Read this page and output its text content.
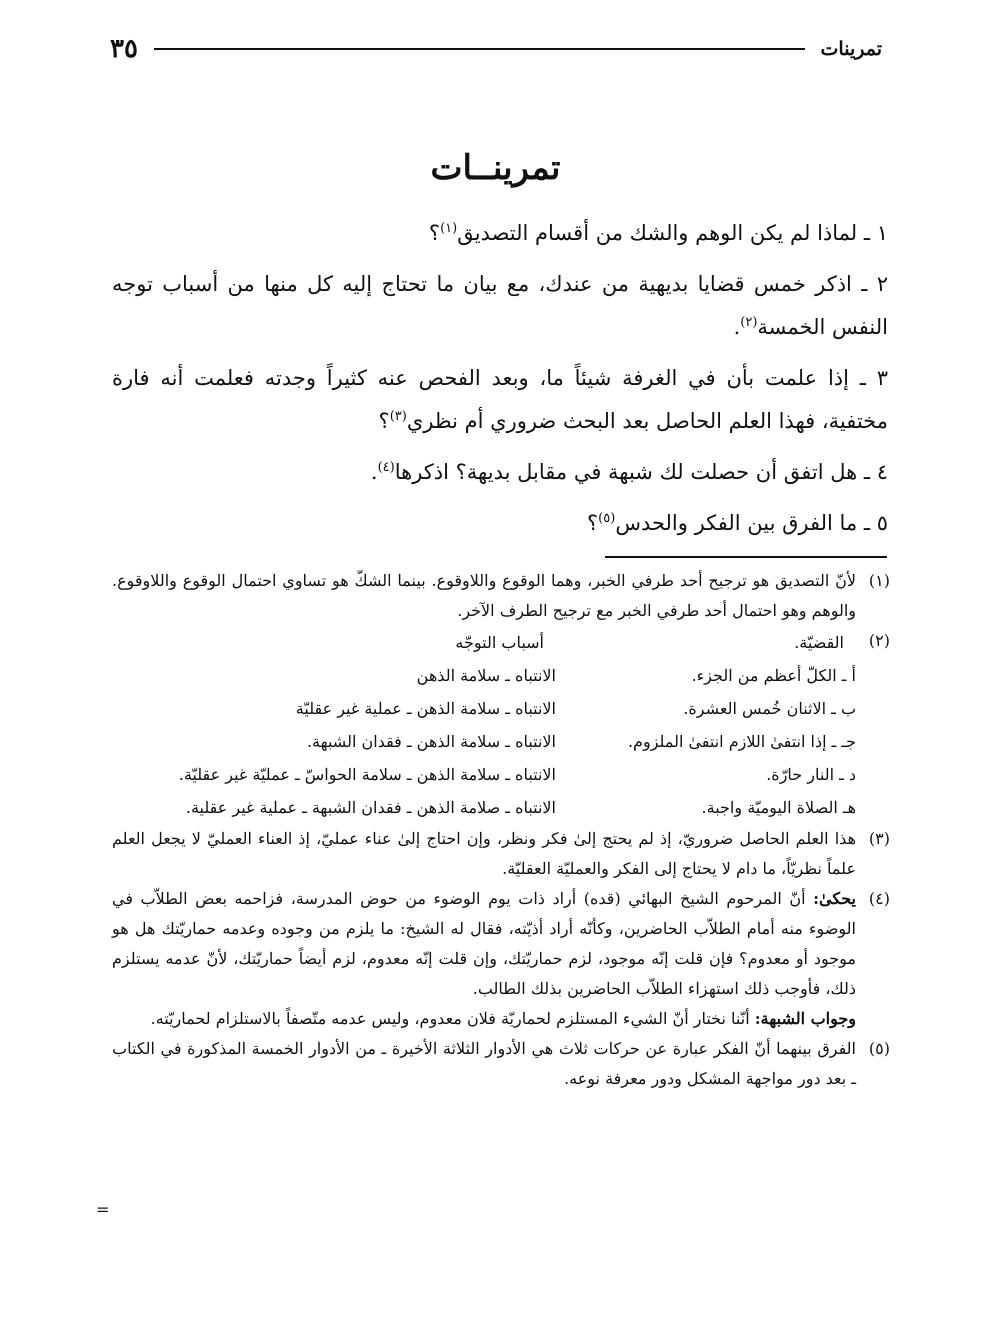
تمرينات
٣٥
تمرينــات
١ ـ لماذا لم يكن الوهم والشك من أقسام التصديق$^{(١)}$؟
٢ ـ اذكر خمس قضايا بديهية من عندك، مع بيان ما تحتاج إليه كل منها من أسباب توجه النفس الخمسة$^{(٢)}$.
٣ ـ إذا علمت بأن في الغرفة شيئاً ما، وبعد الفحص عنه كثيراً وجدته فعلمت أنه فارة مختفية، فهذا العلم الحاصل بعد البحث ضروري أم نظري$^{(٣)}$؟
٤ ـ هل اتفق أن حصلت لك شبهة في مقابل بديهة؟ اذكرها$^{(٤)}$.
٥ ـ ما الفرق بين الفكر والحدس$^{(٥)}$؟
(١)

لأنّ التصديق هو ترجيح أحد طرفي الخبر، وهما الوقوع واللاوقوع. بينما الشكّ هو تساوي احتمال الوقوع واللاوقوع. والوهم وهو احتمال أحد طرفي الخبر مع ترجيح الطرف الآخر.

(٢)
القضيّة.
أسباب التوجّه
أ ـ الكلّ أعظم من الجزء.
الانتباه ـ سلامة الذهن
ب ـ الاثنان خُمس العشرة.
الانتباه ـ سلامة الذهن ـ عملية غير عقليّة
جـ ـ إذا انتفىٰ اللازم انتفىٰ الملزوم.
الانتباه ـ سلامة الذهن ـ فقدان الشبهة.
د ـ النار حارّة.
الانتباه ـ سلامة الذهن ـ سلامة الحواسّ ـ عمليّة غير عقليّة.
هـ الصلاة اليوميّة واجبة.
الانتباه ـ صلامة الذهن ـ فقدان الشبهة ـ عملية غير عقلية.
(٣)

هذا العلم الحاصل ضروريّ، إذ لم يحتج إلىٰ فكر ونظر، وإن احتاج إلىٰ عناء عمليّ، إذ العناء العمليّ لا يجعل العلم علماً نظريّاً، ما دام لا يحتاج إلى الفكر والعمليّة العقليّة.

(٤)

يحكىٰ: أنّ المرحوم الشيخ البهائي (قده) أراد ذات يوم الوضوء من حوض المدرسة، فزاحمه بعض الطلاّب في الوضوء منه أمام الطلاّب الحاضرين، وكأنّه أراد أذيّته، فقال له الشيخ: ما يلزم من وجوده وعدمه حماريّتك هل هو موجود أو معدوم؟ فإن قلت إنّه موجود، لزم حماريّتك، وإن قلت إنّه معدوم، لزم أيضاً حماريّتك، لأنّ عدمه يستلزم ذلك، فأوجب ذلك استهزاء الطلاّب الحاضرين بذلك الطالب.

وجواب الشبهة: أنّنا نختار أنّ الشيء المستلزم لحماريّة فلان معدوم، وليس عدمه متّصفاً بالاستلزام لحماريّته.

(٥)

الفرق بينهما أنّ الفكر عبارة عن حركات ثلاث هي الأدوار الثلاثة الأخيرة ـ من الأدوار الخمسة المذكورة في الكتاب ـ بعد دور مواجهة المشكل ودور معرفة نوعه.

=
